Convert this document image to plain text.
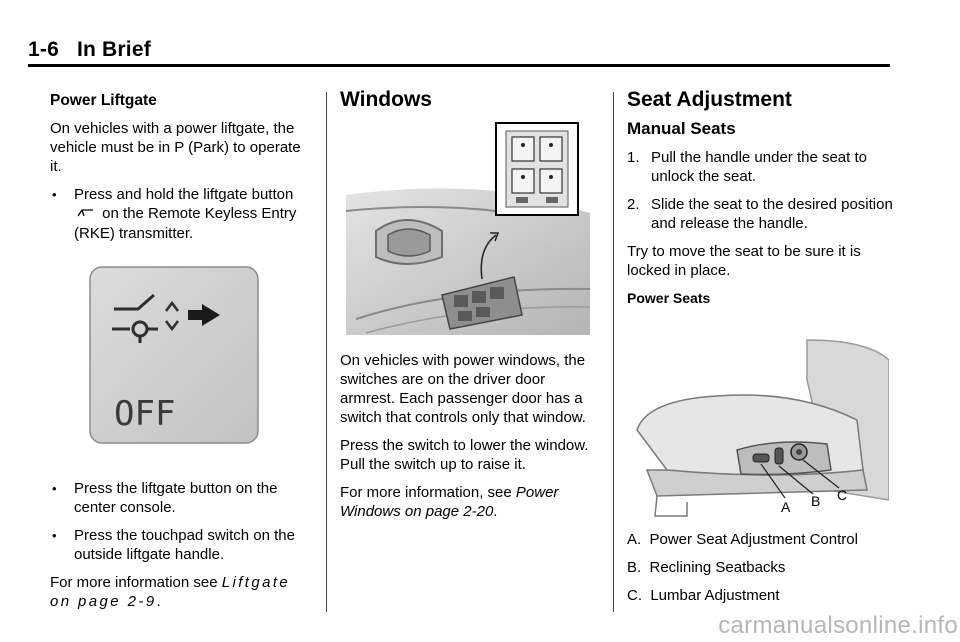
1-6 In Brief
Power Liftgate

On vehicles with a power liftgate, the vehicle must be in P (Park) to operate it.

• Press and hold the liftgate button  on the Remote Keyless Entry (RKE) transmitter.
OFF
• Press the liftgate button on the center console.
• Press the touchpad switch on the outside liftgate handle.

For more information see Liftgate on page 2-9.

Windows

On vehicles with power windows, the switches are on the driver door armrest. Each passenger door has a switch that controls only that window.

Press the switch to lower the window. Pull the switch up to raise it.

For more information, see Power Windows on page 2-20.

Seat Adjustment
Manual Seats
1. Pull the handle under the seat to unlock the seat.
2. Slide the seat to the desired position and release the handle.

Try to move the seat to be sure it is locked in place.

Power Seats
A B C

A.  Power Seat Adjustment Control

B.  Reclining Seatbacks

C.  Lumbar Adjustment

carmanualsonline.info
